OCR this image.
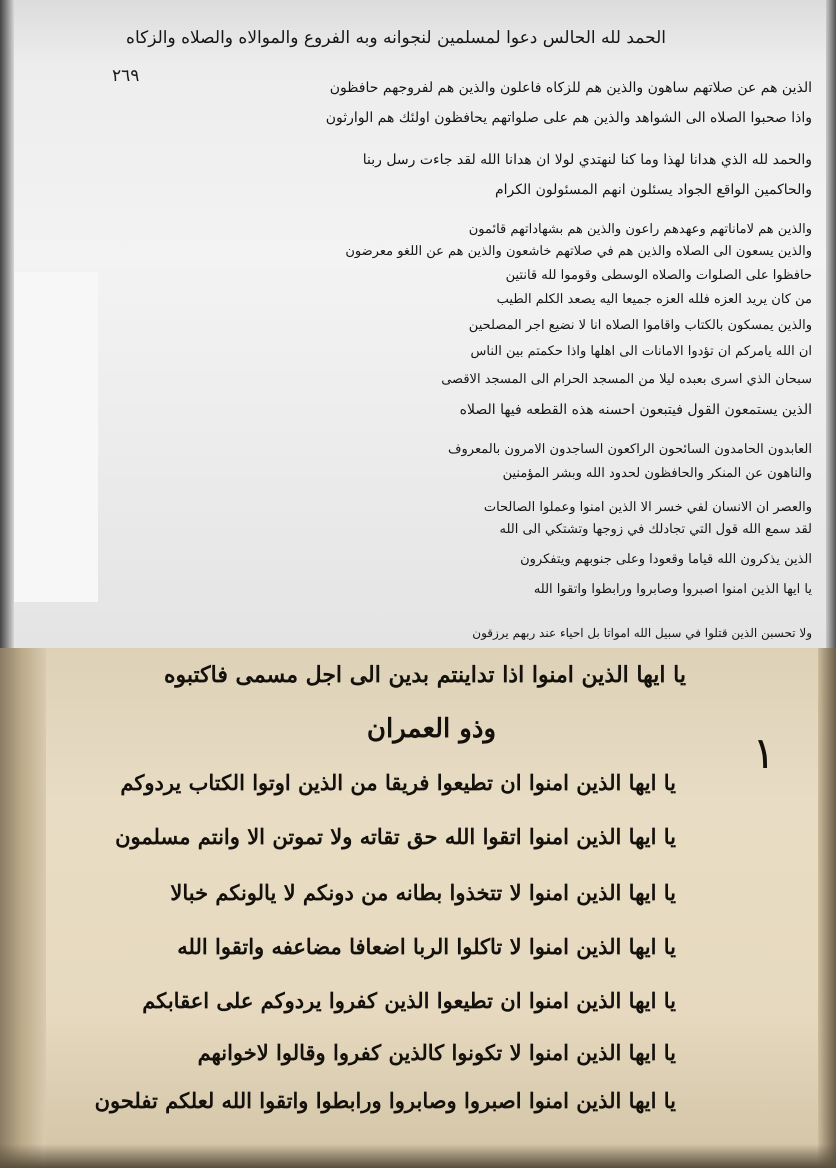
٢٦٩
الحمد لله الحالس دعوا لمسلمين لنجوانه وبه الفروع والموالاه والصلاه والزكاه
الذين هم عن صلاتهم ساهون والذين هم للزكاه فاعلون والذين هم لفروجهم حافظون
واذا صحبوا الصلاه الى الشواهد والذين هم على صلواتهم يحافظون اولئك هم الوارثون
والحمد لله الذي هدانا لهذا وما كنا لنهتدي لولا ان هدانا الله لقد جاءت رسل ربنا
والحاكمين الواقع الجواد يسئلون انهم المسئولون الكرام
والذين هم لاماناتهم وعهدهم راعون والذين هم بشهاداتهم قائمون
والذين يسعون الى الصلاه والذين هم في صلاتهم خاشعون والذين هم عن اللغو معرضون
حافظوا على الصلوات والصلاه الوسطى وقوموا لله قانتين
من كان يريد العزه فلله العزه جميعا اليه يصعد الكلم الطيب
والذين يمسكون بالكتاب واقاموا الصلاه انا لا نضيع اجر المصلحين
ان الله يامركم ان تؤدوا الامانات الى اهلها واذا حكمتم بين الناس
سبحان الذي اسرى بعبده ليلا من المسجد الحرام الى المسجد الاقصى
الذين يستمعون القول فيتبعون احسنه هذه القطعه فيها الصلاه
العابدون الحامدون السائحون الراكعون الساجدون الامرون بالمعروف
والناهون عن المنكر والحافظون لحدود الله وبشر المؤمنين
والعصر ان الانسان لفي خسر الا الذين امنوا وعملوا الصالحات
لقد سمع الله قول التي تجادلك في زوجها وتشتكي الى الله
الذين يذكرون الله قياما وقعودا وعلى جنوبهم ويتفكرون
يا ايها الذين امنوا اصبروا وصابروا ورابطوا واتقوا الله
ولا تحسبن الذين قتلوا في سبيل الله امواتا بل احياء عند ربهم يرزقون
١
يا ايها الذين امنوا اذا تداينتم بدين الى اجل مسمى فاكتبوه
وذو العمران
يا ايها الذين امنوا ان تطيعوا فريقا من الذين اوتوا الكتاب يردوكم
يا ايها الذين امنوا اتقوا الله حق تقاته ولا تموتن الا وانتم مسلمون
يا ايها الذين امنوا لا تتخذوا بطانه من دونكم لا يالونكم خبالا
يا ايها الذين امنوا لا تاكلوا الربا اضعافا مضاعفه واتقوا الله
يا ايها الذين امنوا ان تطيعوا الذين كفروا يردوكم على اعقابكم
يا ايها الذين امنوا لا تكونوا كالذين كفروا وقالوا لاخوانهم
يا ايها الذين امنوا اصبروا وصابروا ورابطوا واتقوا الله لعلكم تفلحون
